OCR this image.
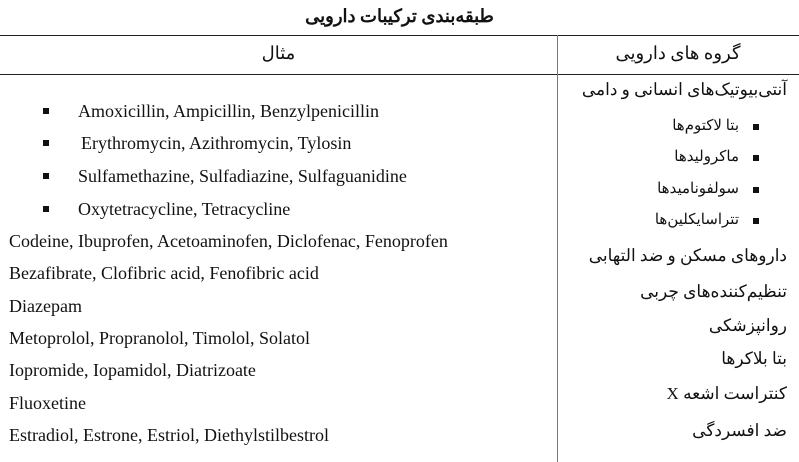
طبقه‌بندی ترکیبات دارویی
مثال	گروه های دارویی
Amoxicillin, Ampicillin, Benzylpenicillin
Erythromycin, Azithromycin, Tylosin
Sulfamethazine, Sulfadiazine, Sulfaguanidine
Oxytetracycline, Tetracycline
Codeine, Ibuprofen, Acetoaminofen, Diclofenac, Fenoprofen
Bezafibrate, Clofibric acid, Fenofibric acid
Diazepam
Metoprolol, Propranolol, Timolol, Solatol
Iopromide, Iopamidol, Diatrizoate
Fluoxetine
Estradiol, Estrone, Estriol, Diethylstilbestrol
آنتی‌بیوتیک‌های انسانی و دامی
بتا لاکتوم‌ها
ماکرولیدها
سولفونامیدها
تتراسایکلین‌ها
داروهای مسکن و ضد التهابی
تنظیم‌کننده‌های چربی
روانپزشکی
بتا بلاکرها
کنتراست اشعه X
ضد افسردگی
